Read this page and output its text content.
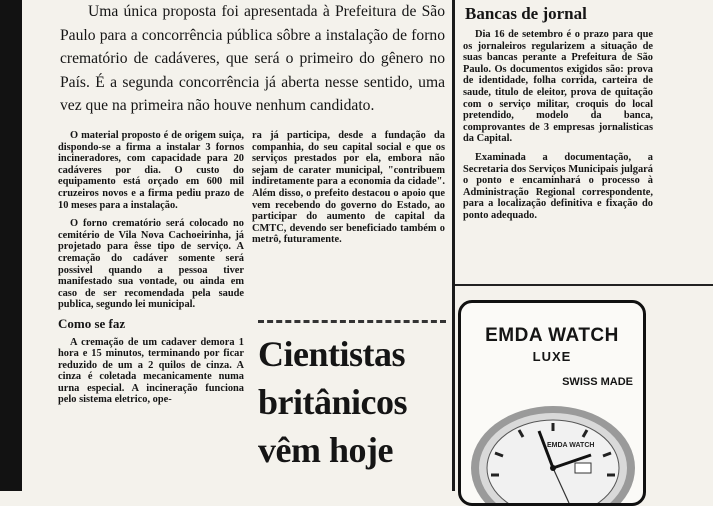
Uma única proposta foi apresentada à Prefeitura de São Paulo para a concorrência pública sôbre a instalação de forno crematório de cadáveres, que será o primeiro do gênero no País. É a segunda concorrência já aberta nesse sentido, uma vez que na primeira não houve nenhum candidato.

O material proposto é de origem suiça, dispondo-se a firma a instalar 3 fornos incineradores, com capacidade para 20 cadáveres por dia. O custo do equipamento está orçado em 600 mil cruzeiros novos e a firma pediu prazo de 10 meses para a instalação.

O forno crematório será colocado no cemitério de Vila Nova Cachoeirinha, já projetado para êsse tipo de serviço. A cremação do cadáver somente será possivel quando a pessoa tiver manifestado sua vontade, ou ainda em caso de ser recomendada pela saude publica, segundo lei municipal.

Como se faz

A cremação de um cadaver demora 1 hora e 15 minutos, terminando por ficar reduzido de um a 2 quilos de cinza. A cinza é coletada mecanicamente numa urna especial. A incineração funciona pelo sistema eletrico, ope-

ra já participa, desde a fundação da companhia, do seu capital social e que os serviços prestados por ela, embora não sejam de carater municipal, "contribuem indiretamente para a economia da cidade". Além disso, o prefeito destacou o apoio que vem recebendo do governo do Estado, ao participar do aumento de capital da CMTC, devendo ser beneficiado também o metrô, futuramente.

Cientistas
britânicos
vêm hoje
Bancas de jornal

Dia 16 de setembro é o prazo para que os jornaleiros regularizem a situação de suas bancas perante a Prefeitura de São Paulo. Os documentos exigidos são: prova de identidade, folha corrida, carteira de saude, titulo de eleitor, prova de quitação com o serviço militar, croquis do local pretendido, modelo da banca, comprovantes de 3 empresas jornalisticas da Capital.

Examinada a documentação, a Secretaria dos Serviços Municipais julgará o ponto e encaminhará o processo à Administração Regional correspondente, para a localização definitiva e fixação do ponto adequado.

EMDA WATCH
LUXE
SWISS MADE
EMDA WATCH
